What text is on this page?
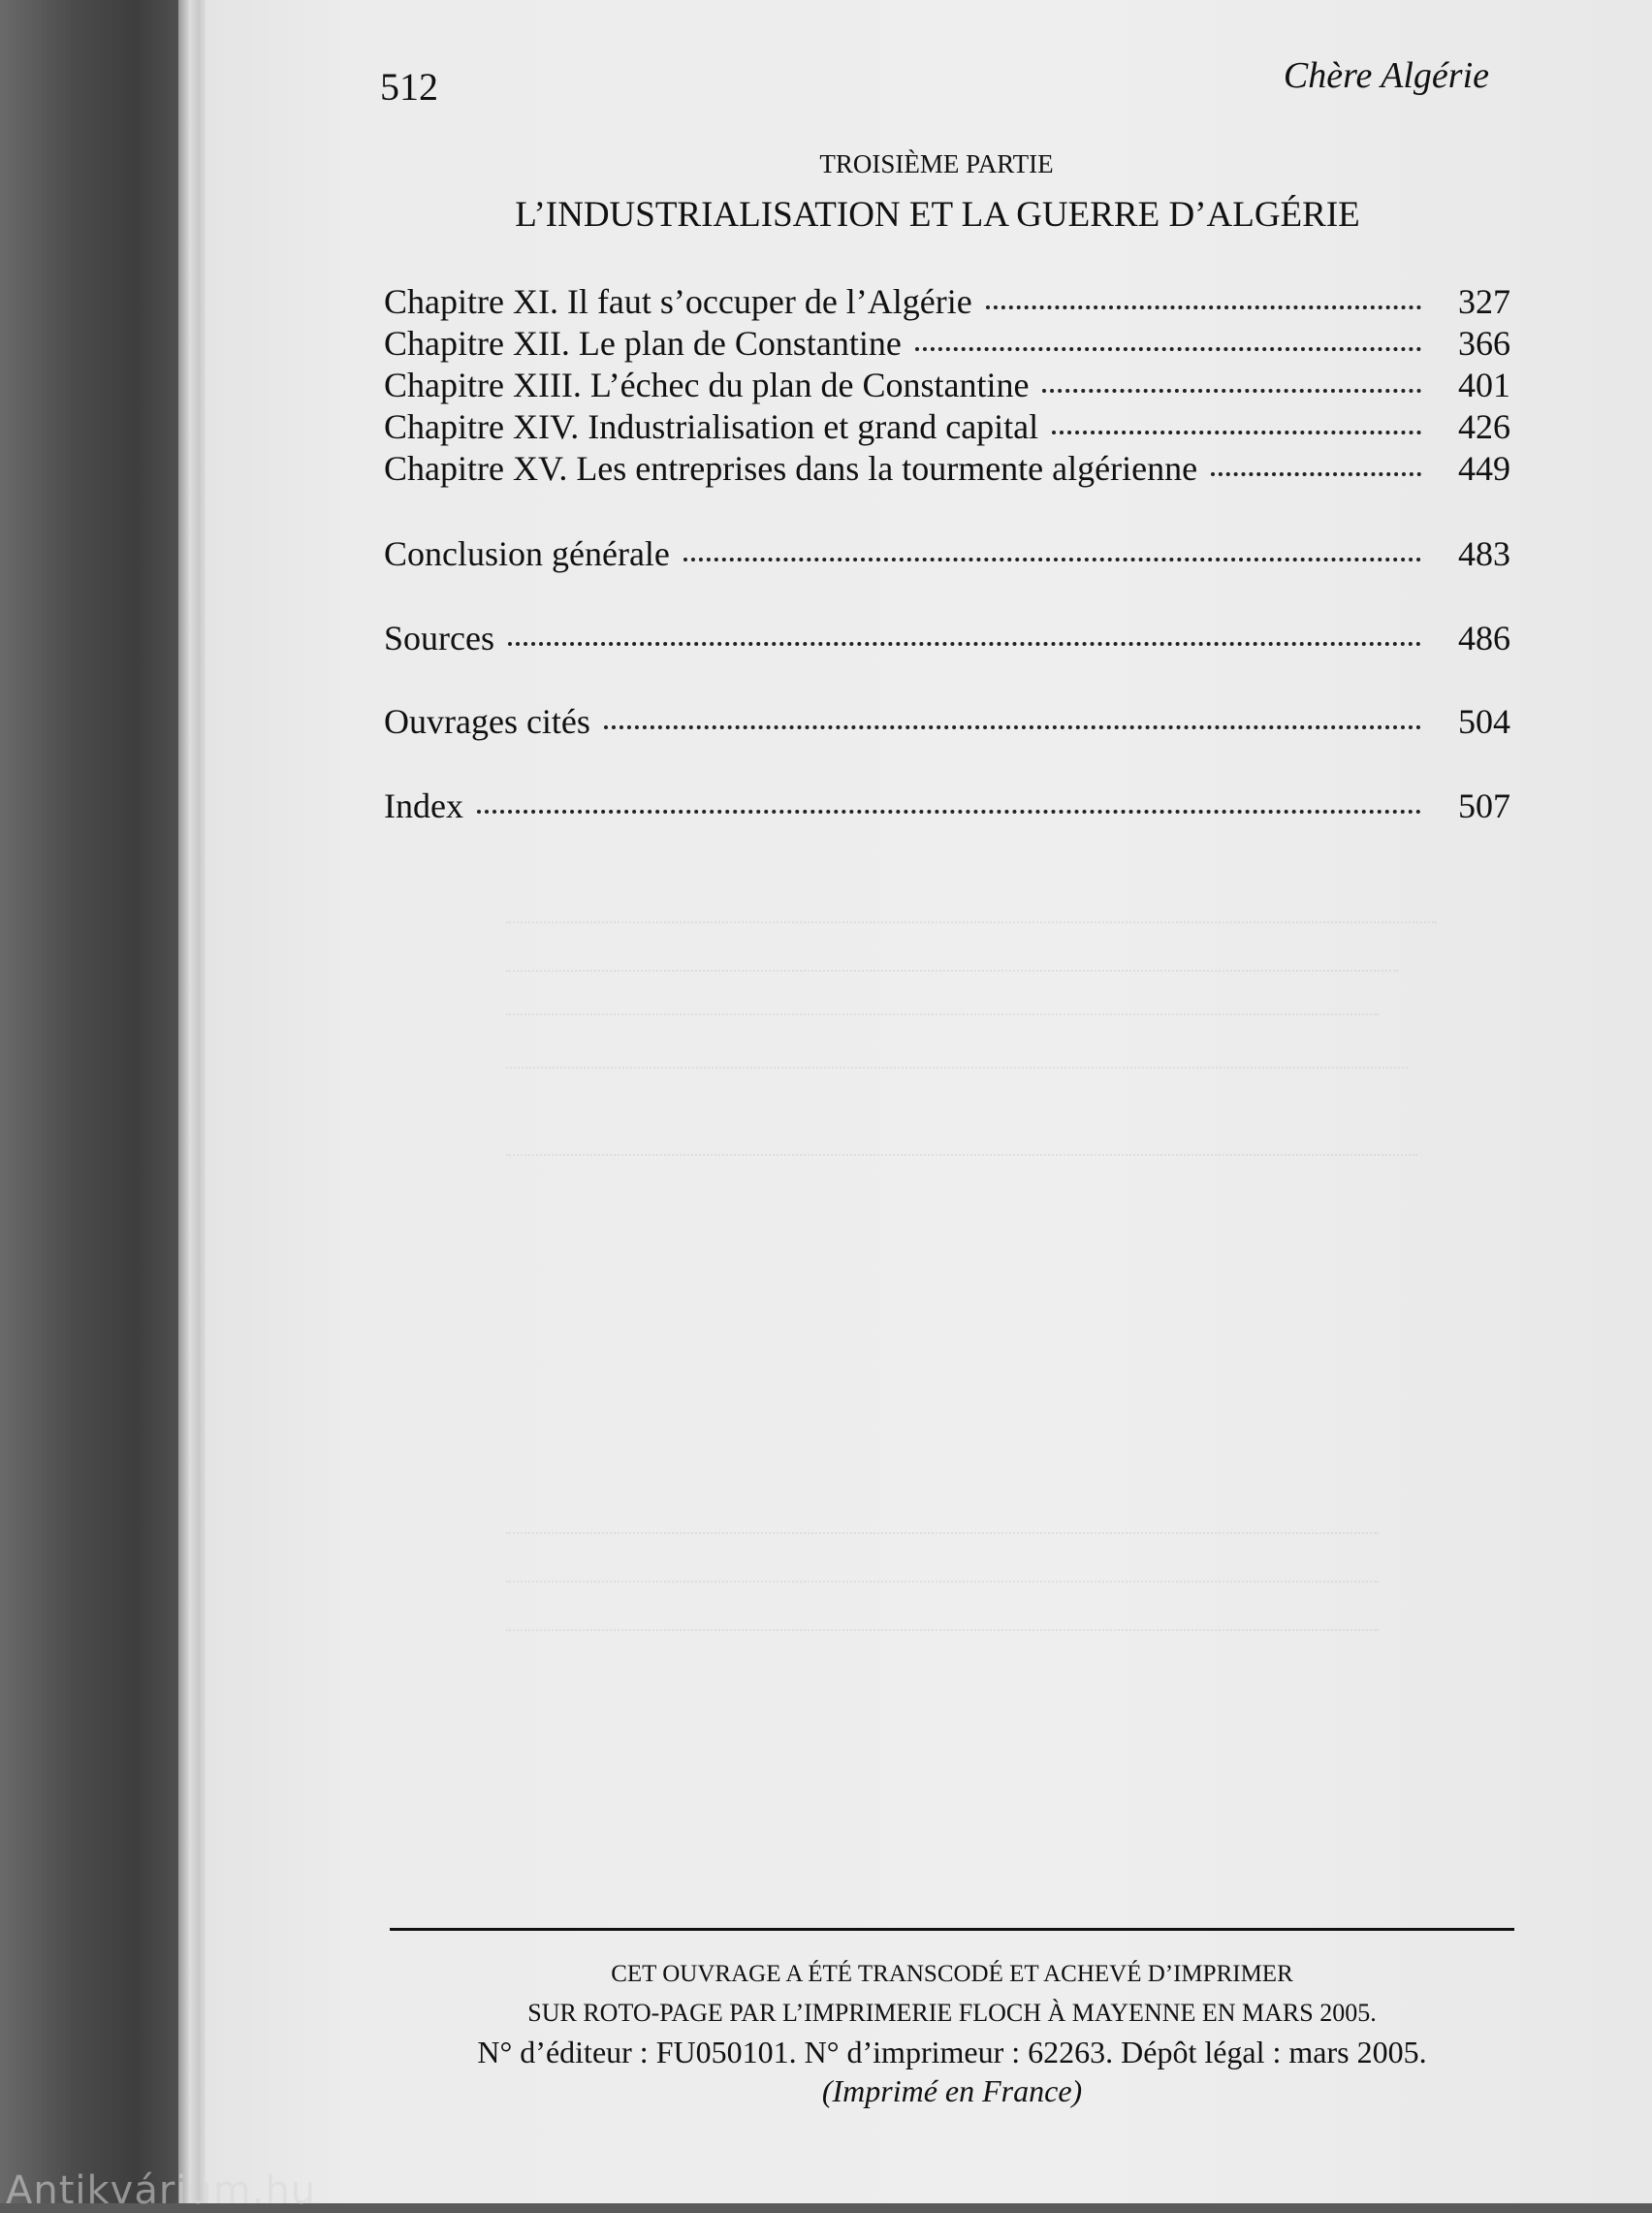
512	Chère Algérie

TROISIÈME PARTIE

L’INDUSTRIALISATION ET LA GUERRE D’ALGÉRIE
Chapitre XI. Il faut s’occuper de l’Algérie	327
Chapitre XII. Le plan de Constantine	366
Chapitre XIII. L’échec du plan de Constantine	401
Chapitre XIV. Industrialisation et grand capital	426
Chapitre XV. Les entreprises dans la tourmente algérienne	449
Conclusion générale	483
Sources	486
Ouvrages cités	504
Index	507
CET OUVRAGE A ÉTÉ TRANSCODÉ ET ACHEVÉ D’IMPRIMER
SUR ROTO-PAGE PAR L’IMPRIMERIE FLOCH À MAYENNE EN MARS 2005.
N° d’éditeur : FU050101. N° d’imprimeur : 62263. Dépôt légal : mars 2005.
(Imprimé en France)
Antikvárium.hu
